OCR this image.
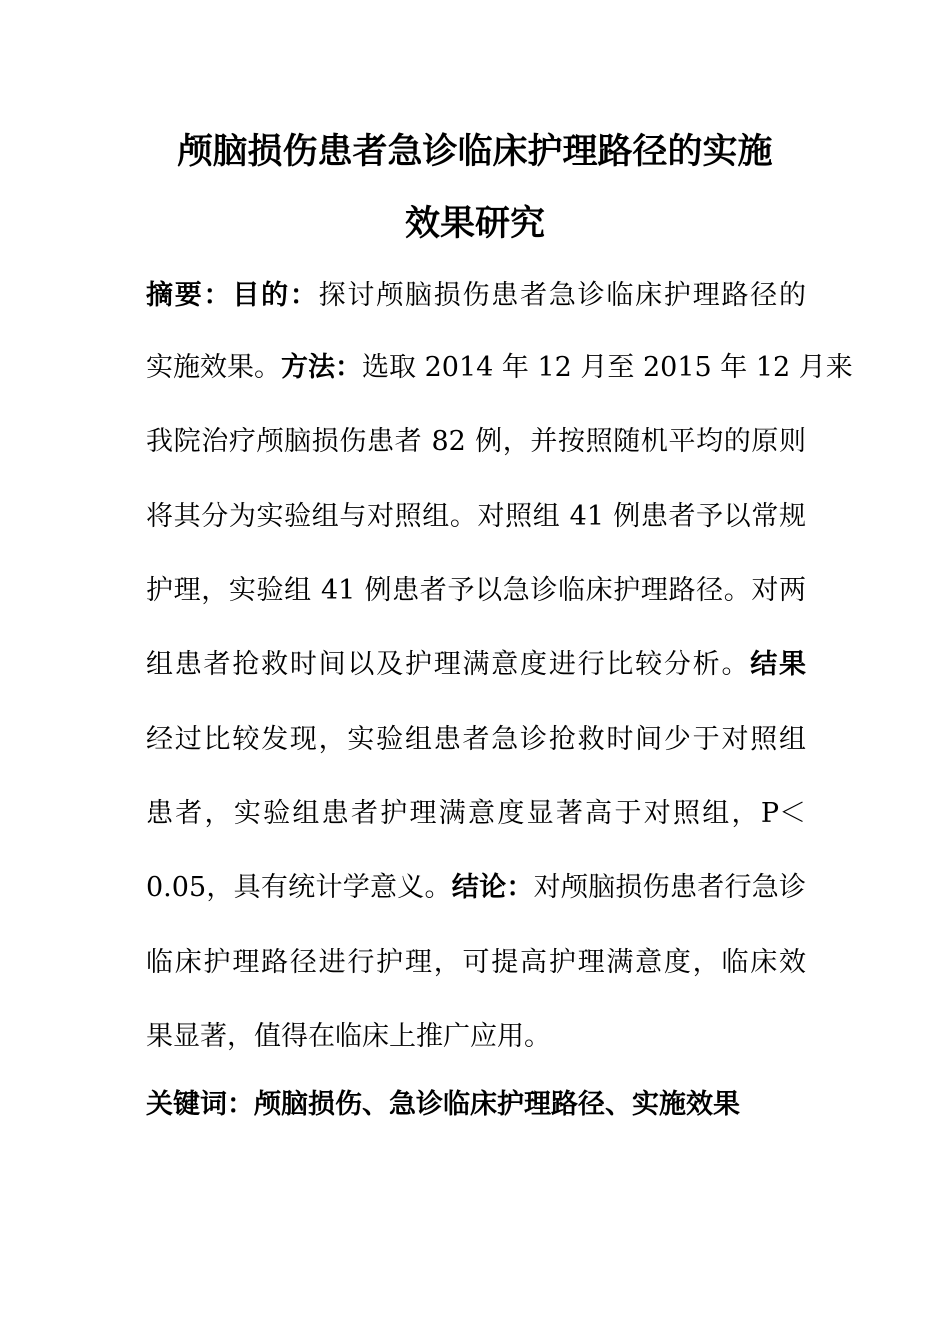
颅脑损伤患者急诊临床护理路径的实施
效果研究
摘要：目的：探讨颅脑损伤患者急诊临床护理路径的
实施效果。方法：选取 2014 年 12 月至 2015 年 12 月来
我院治疗颅脑损伤患者 82 例，并按照随机平均的原则
将其分为实验组与对照组。对照组 41 例患者予以常规
护理，实验组 41 例患者予以急诊临床护理路径。对两
组患者抢救时间以及护理满意度进行比较分析。结果
经过比较发现，实验组患者急诊抢救时间少于对照组
患者，实验组患者护理满意度显著高于对照组，P＜
0.05，具有统计学意义。结论：对颅脑损伤患者行急诊
临床护理路径进行护理，可提高护理满意度，临床效
果显著，值得在临床上推广应用。
关键词：颅脑损伤、急诊临床护理路径、实施效果
